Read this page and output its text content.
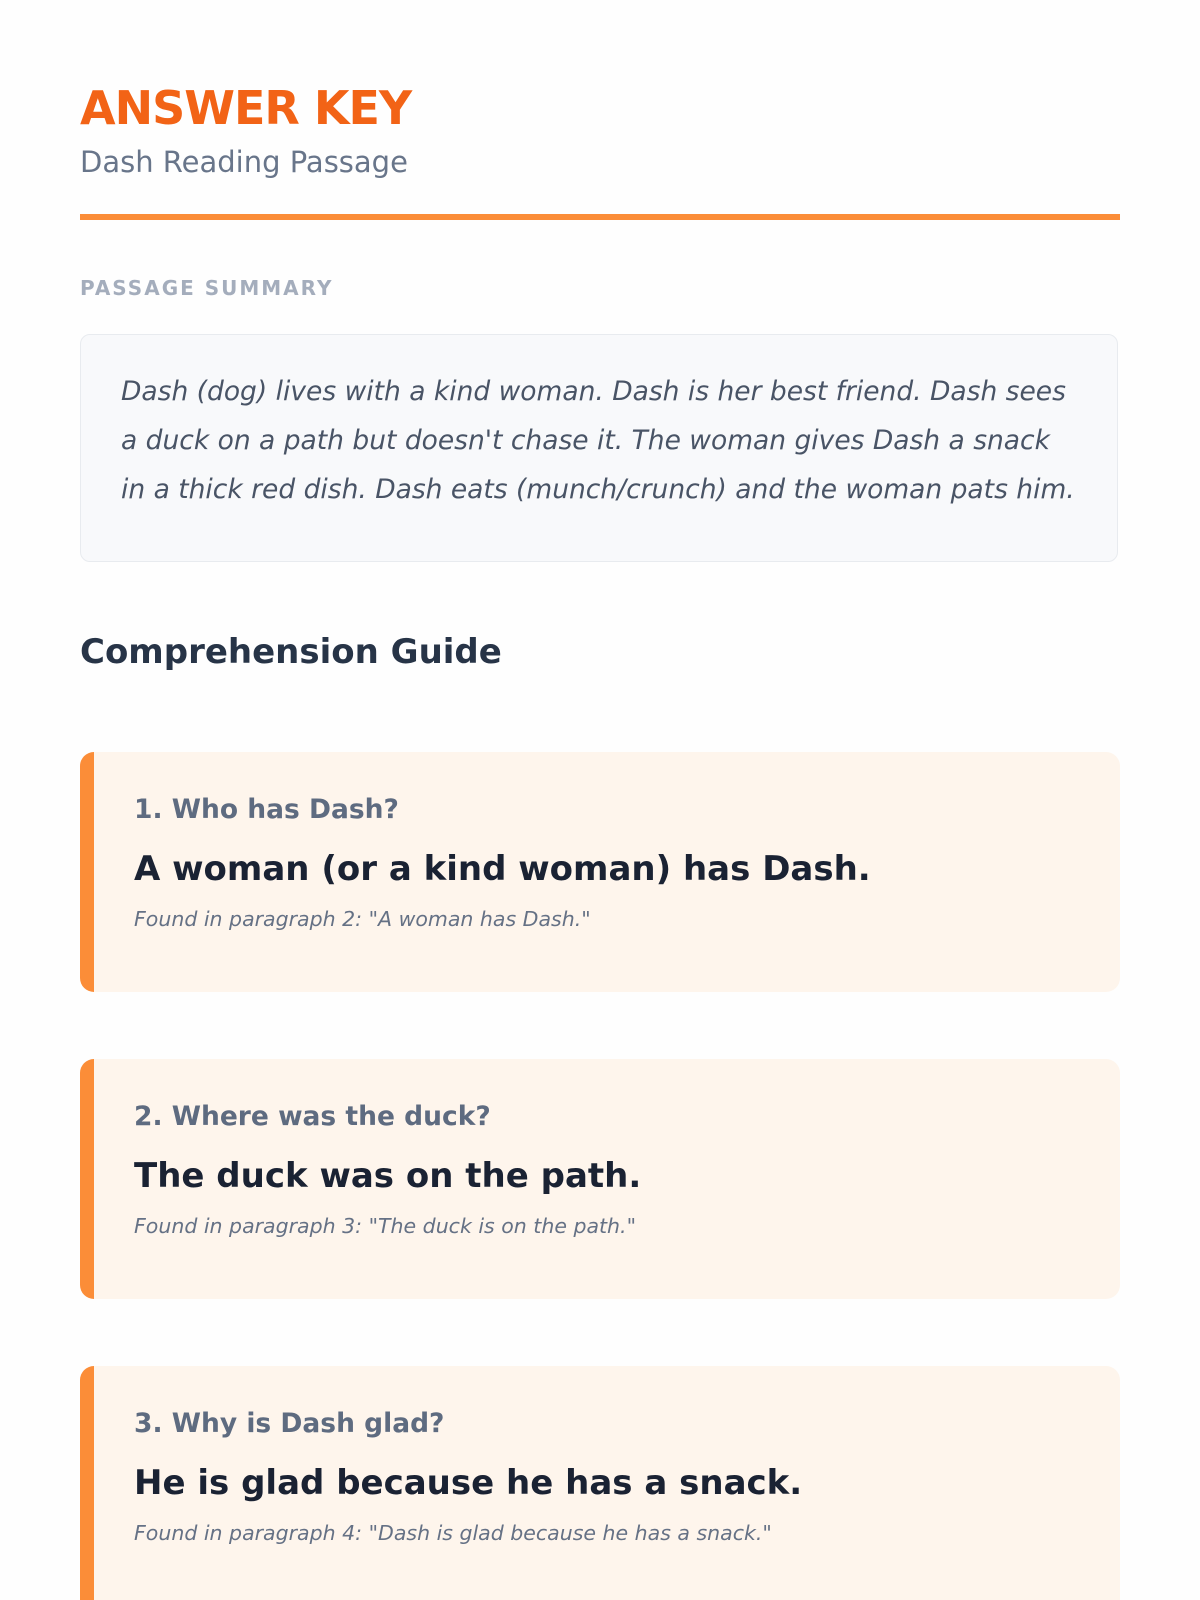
ANSWER KEY
Dash Reading Passage
PASSAGE SUMMARY

Dash (dog) lives with a kind woman. Dash is her best friend. Dash sees a duck on a path but doesn't chase it. The woman gives Dash a snack in a thick red dish. Dash eats (munch/crunch) and the woman pats him.

Comprehension Guide
1. Who has Dash?
A woman (or a kind woman) has Dash.
Found in paragraph 2: "A woman has Dash."
2. Where was the duck?
The duck was on the path.
Found in paragraph 3: "The duck is on the path."
3. Why is Dash glad?
He is glad because he has a snack.
Found in paragraph 4: "Dash is glad because he has a snack."
